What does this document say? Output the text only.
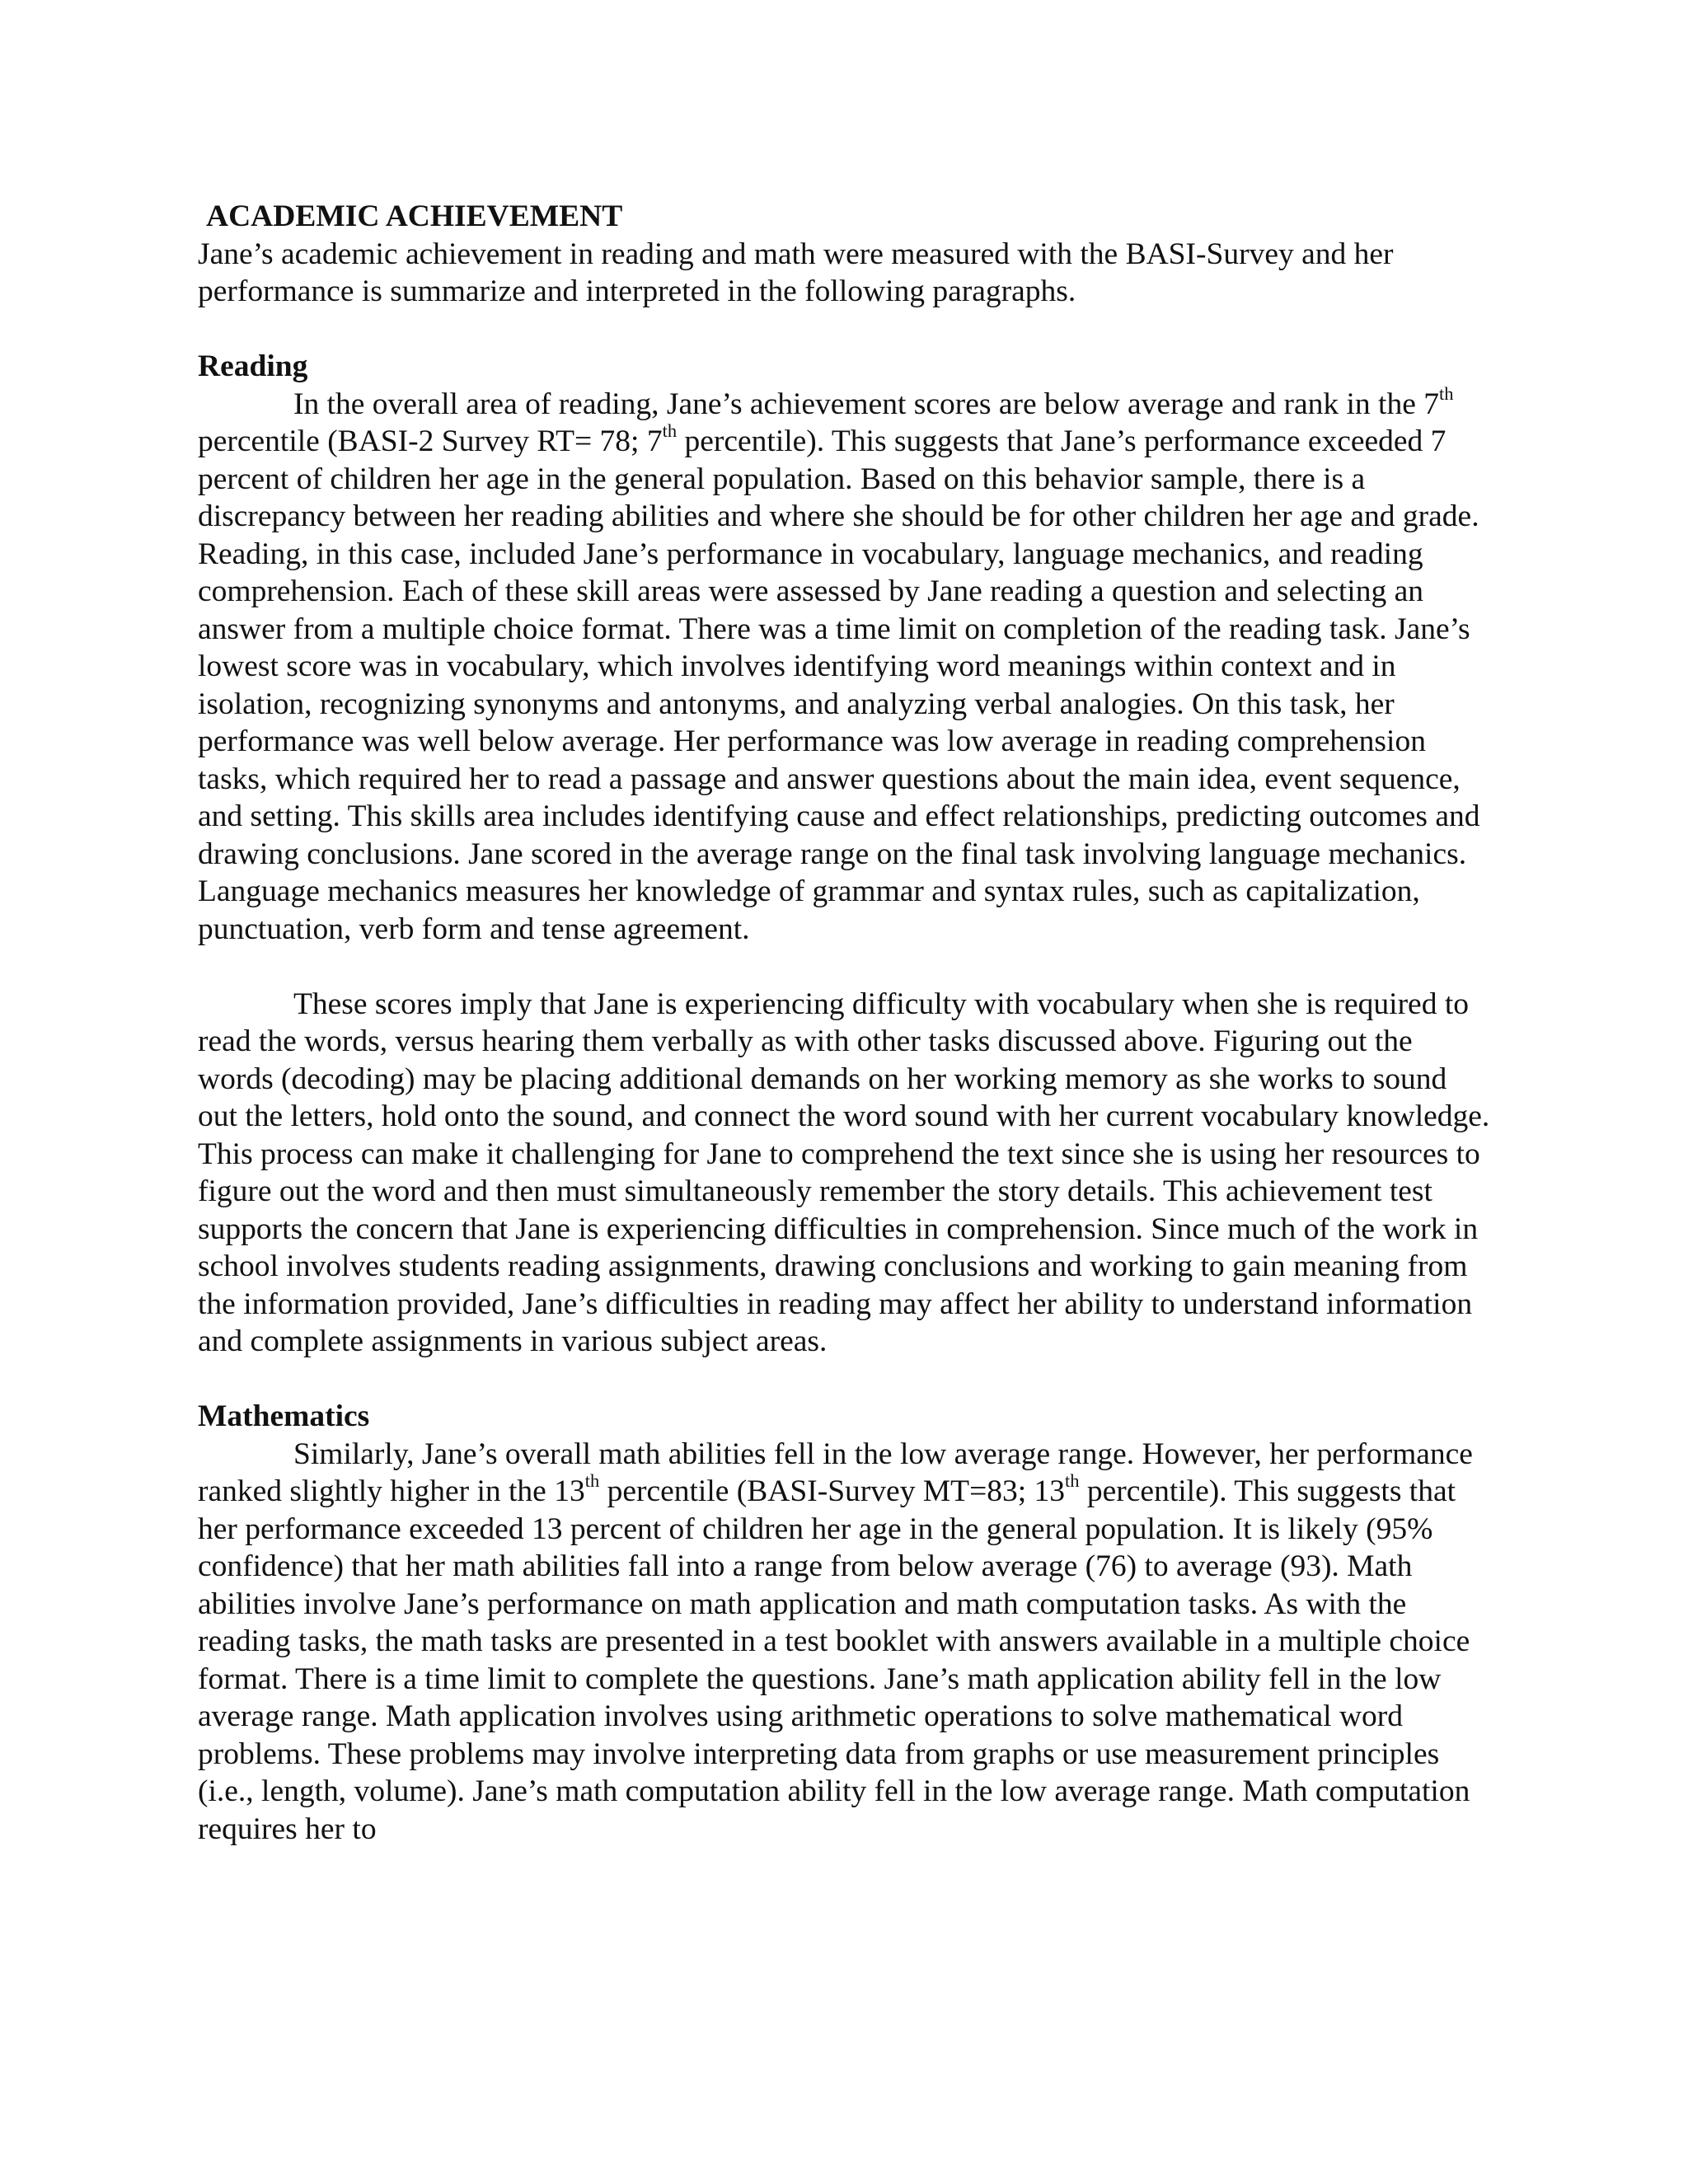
ACADEMIC ACHIEVEMENT

Jane’s academic achievement in reading and math were measured with the BASI-Survey and her performance is summarize and interpreted in the following paragraphs.

Reading

In the overall area of reading, Jane’s achievement scores are below average and rank in the 7th percentile (BASI-2 Survey RT= 78; 7th percentile). This suggests that Jane’s performance exceeded 7 percent of children her age in the general population. Based on this behavior sample, there is a discrepancy between her reading abilities and where she should be for other children her age and grade. Reading, in this case, included Jane’s performance in vocabulary, language mechanics, and reading comprehension. Each of these skill areas were assessed by Jane reading a question and selecting an answer from a multiple choice format. There was a time limit on completion of the reading task. Jane’s lowest score was in vocabulary, which involves identifying word meanings within context and in isolation, recognizing synonyms and antonyms, and analyzing verbal analogies. On this task, her performance was well below average. Her performance was low average in reading comprehension tasks, which required her to read a passage and answer questions about the main idea, event sequence, and setting. This skills area includes identifying cause and effect relationships, predicting outcomes and drawing conclusions. Jane scored in the average range on the final task involving language mechanics. Language mechanics measures her knowledge of grammar and syntax rules, such as capitalization, punctuation, verb form and tense agreement.

These scores imply that Jane is experiencing difficulty with vocabulary when she is required to read the words, versus hearing them verbally as with other tasks discussed above. Figuring out the words (decoding) may be placing additional demands on her working memory as she works to sound out the letters, hold onto the sound, and connect the word sound with her current vocabulary knowledge. This process can make it challenging for Jane to comprehend the text since she is using her resources to figure out the word and then must simultaneously remember the story details. This achievement test supports the concern that Jane is experiencing difficulties in comprehension. Since much of the work in school involves students reading assignments, drawing conclusions and working to gain meaning from the information provided, Jane’s difficulties in reading may affect her ability to understand information and complete assignments in various subject areas.

Mathematics

Similarly, Jane’s overall math abilities fell in the low average range. However, her performance ranked slightly higher in the 13th percentile (BASI-Survey MT=83; 13th percentile). This suggests that her performance exceeded 13 percent of children her age in the general population. It is likely (95% confidence) that her math abilities fall into a range from below average (76) to average (93). Math abilities involve Jane’s performance on math application and math computation tasks. As with the reading tasks, the math tasks are presented in a test booklet with answers available in a multiple choice format. There is a time limit to complete the questions. Jane’s math application ability fell in the low average range. Math application involves using arithmetic operations to solve mathematical word problems. These problems may involve interpreting data from graphs or use measurement principles (i.e., length, volume). Jane’s math computation ability fell in the low average range. Math computation requires her to
